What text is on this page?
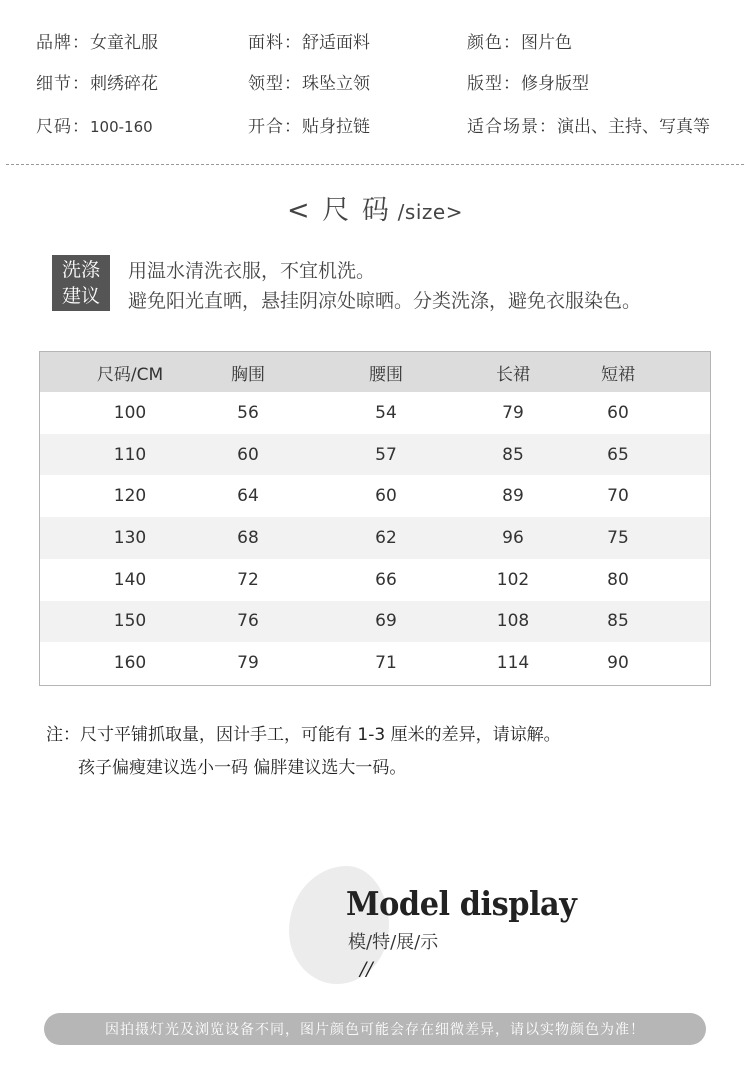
品牌：女童礼服	面料：舒适面料	颜色：图片色
细节：刺绣碎花	领型：珠坠立领	版型：修身版型
尺码：100-160	开合：贴身拉链	适合场景：演出、主持、写真等
< 尺 码 /size>
洗涤
建议
用温水清洗衣服，不宜机洗。
避免阳光直晒，悬挂阴凉处晾晒。分类洗涤，避免衣服染色。
尺码/CM	胸围	腰围	长裙	短裙
100	56	54	79	60
110	60	57	85	65
120	64	60	89	70
130	68	62	96	75
140	72	66	102	80
150	76	69	108	85
160	79	71	114	90
注：尺寸平铺抓取量，因计手工，可能有 1-3 厘米的差异，请谅解。
孩子偏瘦建议选小一码 偏胖建议选大一码。
Model display
模/特/展/示
//
因拍摄灯光及浏览设备不同，图片颜色可能会存在细微差异，请以实物颜色为准！
